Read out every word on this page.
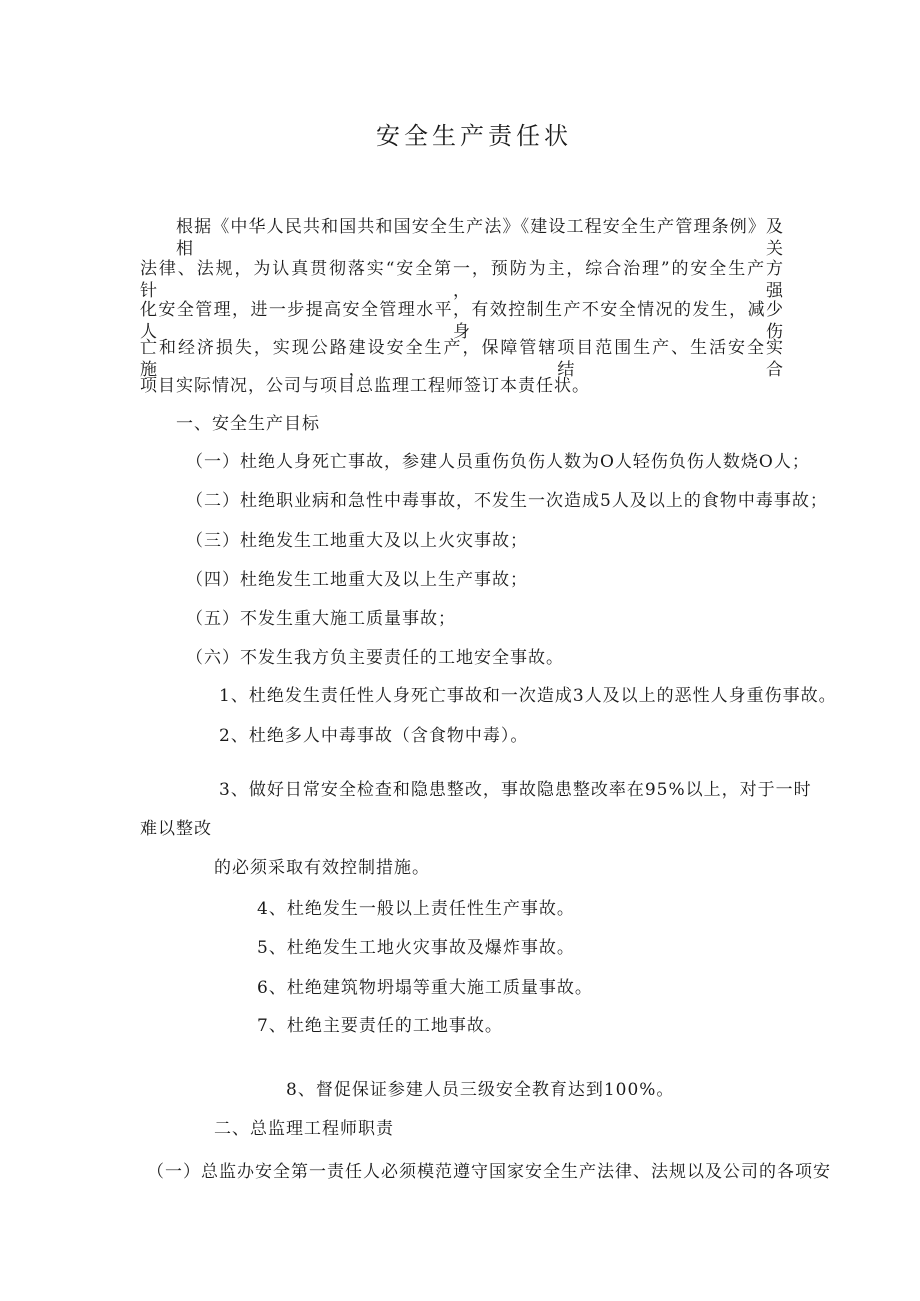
安全生产责任状
根据《中华人民共和国共和国安全生产法》《建设工程安全生产管理条例》及相关
法律、法规，为认真贯彻落实“安全第一，预防为主，综合治理”的安全生产方针，强
化安全管理，进一步提高安全管理水平，有效控制生产不安全情况的发生，减少人身伤
亡和经济损失，实现公路建设安全生产，保障管辖项目范围生产、生活安全实施，结合
项目实际情况，公司与项目总监理工程师签订本责任状。
一、安全生产目标
（一）杜绝人身死亡事故，参建人员重伤负伤人数为O人轻伤负伤人数烧O人；
（二）杜绝职业病和急性中毒事故，不发生一次造成5人及以上的食物中毒事故；
（三）杜绝发生工地重大及以上火灾事故；
（四）杜绝发生工地重大及以上生产事故；
（五）不发生重大施工质量事故；
（六）不发生我方负主要责任的工地安全事故。
1、杜绝发生责任性人身死亡事故和一次造成3人及以上的恶性人身重伤事故。
2、杜绝多人中毒事故（含食物中毒）。
3、做好日常安全检查和隐患整改，事故隐患整改率在95%以上，对于一时
难以整改
的必须采取有效控制措施。
4、杜绝发生一般以上责任性生产事故。
5、杜绝发生工地火灾事故及爆炸事故。
6、杜绝建筑物坍塌等重大施工质量事故。
7、杜绝主要责任的工地事故。
8、督促保证参建人员三级安全教育达到100%。
二、总监理工程师职责
（一）总监办安全第一责任人必须模范遵守国家安全生产法律、法规以及公司的各项安
